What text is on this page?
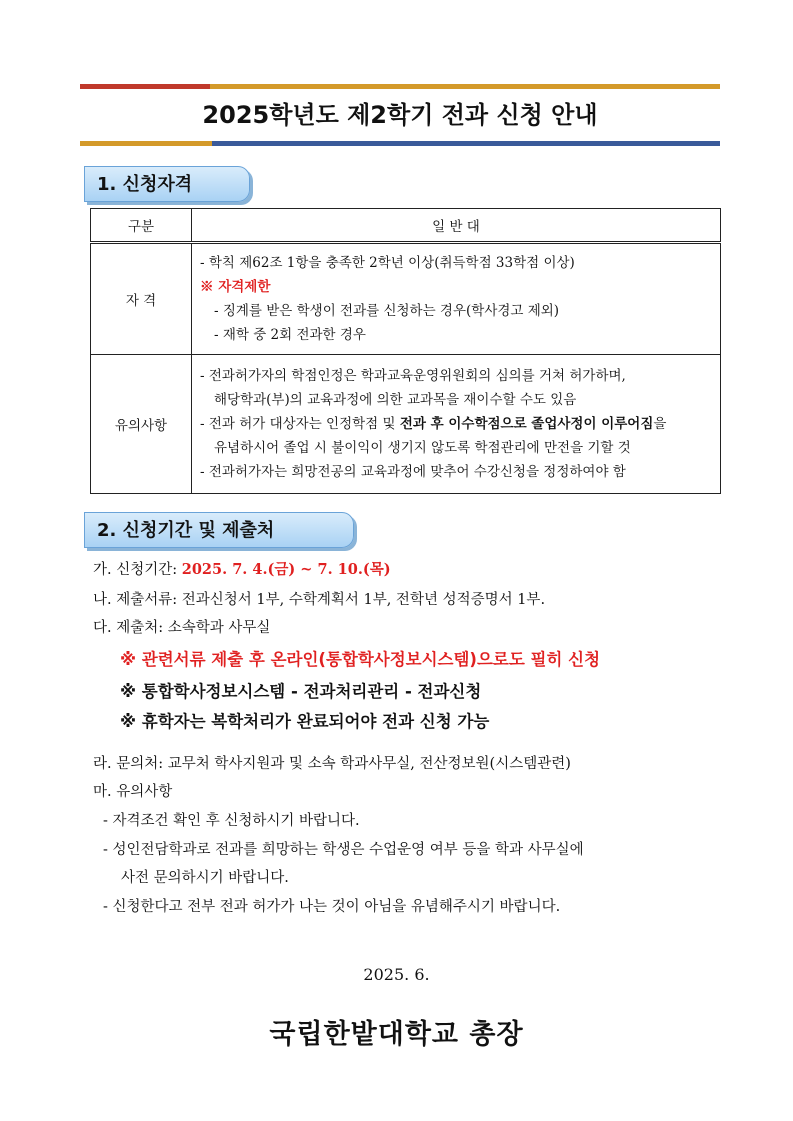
2025학년도 제2학기 전과 신청 안내
1. 신청자격
구분	일 반 대
자 격	- 학칙 제62조 1항을 충족한 2학년 이상(취득학점 33학점 이상)
※ 자격제한
- 징계를 받은 학생이 전과를 신청하는 경우(학사경고 제외)
- 재학 중 2회 전과한 경우

유의사항	- 전과허가자의 학점인정은 학과교육운영위원회의 심의를 거쳐 허가하며,
해당학과(부)의 교육과정에 의한 교과목을 재이수할 수도 있음
- 전과 허가 대상자는 인정학점 및 전과 후 이수학점으로 졸업사정이 이루어짐을
유념하시어 졸업 시 불이익이 생기지 않도록 학점관리에 만전을 기할 것
- 전과허가자는 희망전공의 교육과정에 맞추어 수강신청을 정정하여야 함
2. 신청기간 및 제출처
가. 신청기간: 2025. 7. 4.(금) ~ 7. 10.(목)
나. 제출서류: 전과신청서 1부, 수학계획서 1부, 전학년 성적증명서 1부.
다. 제출처: 소속학과 사무실
※ 관련서류 제출 후 온라인(통합학사정보시스템)으로도 필히 신청
※ 통합학사정보시스템 - 전과처리관리 - 전과신청
※ 휴학자는 복학처리가 완료되어야 전과 신청 가능
라. 문의처: 교무처 학사지원과 및 소속 학과사무실, 전산정보원(시스템관련)
마. 유의사항
- 자격조건 확인 후 신청하시기 바랍니다.
- 성인전담학과로 전과를 희망하는 학생은 수업운영 여부 등을 학과 사무실에
사전 문의하시기 바랍니다.
- 신청한다고 전부 전과 허가가 나는 것이 아님을 유념해주시기 바랍니다.
2025. 6.
국립한밭대학교 총장
